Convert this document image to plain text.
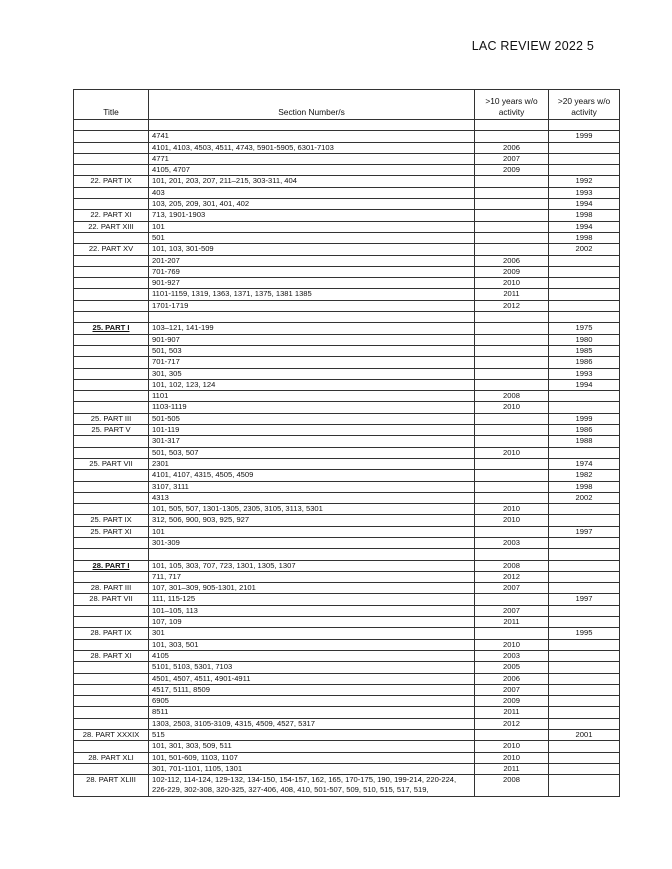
LAC REVIEW 2022 5
Title	Section Number/s	>10 years w/o activity	>20 years w/o activity

	4741		1999
	4101, 4103, 4503, 4511, 4743, 5901-5905, 6301-7103	2006	
	4771	2007	
	4105, 4707	2009	
22. PART IX	101, 201, 203, 207, 211–215, 303-311, 404		1992
	403		1993
	103, 205, 209, 301, 401, 402		1994
22. PART XI	713, 1901-1903		1998
22. PART XIII	101		1994
	501		1998
22. PART XV	101, 103, 301-509		2002
	201-207	2006	
	701-769	2009	
	901-927	2010	
	1101-1159, 1319, 1363, 1371, 1375, 1381 1385	2011	
	1701-1719	2012	

25. PART I	103–121, 141-199		1975
	901-907		1980
	501, 503		1985
	701-717		1986
	301, 305		1993
	101, 102, 123, 124		1994
	1101	2008	
	1103-1119	2010	
25. PART III	501-505		1999
25. PART V	101-119		1986
	301-317		1988
	501, 503, 507	2010	
25. PART VII	2301		1974
	4101, 4107, 4315, 4505, 4509		1982
	3107, 3111		1998
	4313		2002
	101, 505, 507, 1301-1305, 2305, 3105, 3113, 5301	2010	
25. PART IX	312, 506, 900, 903, 925, 927	2010	
25. PART XI	101		1997
	301-309	2003	

28. PART I	101, 105, 303, 707, 723, 1301, 1305, 1307	2008	
	711, 717	2012	
28. PART III	107, 301–309, 905-1301, 2101	2007	
28. PART VII	111, 115-125		1997
	101–105, 113	2007	
	107, 109	2011	
28. PART IX	301		1995
	101, 303, 501	2010	
28. PART XI	4105	2003	
	5101, 5103, 5301, 7103	2005	
	4501, 4507, 4511, 4901-4911	2006	
	4517, 5111, 8509	2007	
	6905	2009	
	8511	2011	
	1303, 2503, 3105-3109, 4315, 4509, 4527, 5317	2012	
28. PART XXXIX	515		2001
	101, 301, 303, 509, 511	2010	
28. PART XLI	101, 501-609, 1103, 1107	2010	
	301, 701-1101, 1105, 1301	2011	
28. PART XLIII	102-112, 114-124, 129-132, 134-150, 154-157, 162, 165, 170-175, 190, 199-214, 220-224, 226-229, 302-308, 320-325, 327-406, 408, 410, 501-507, 509, 510, 515, 517, 519,	2008	
